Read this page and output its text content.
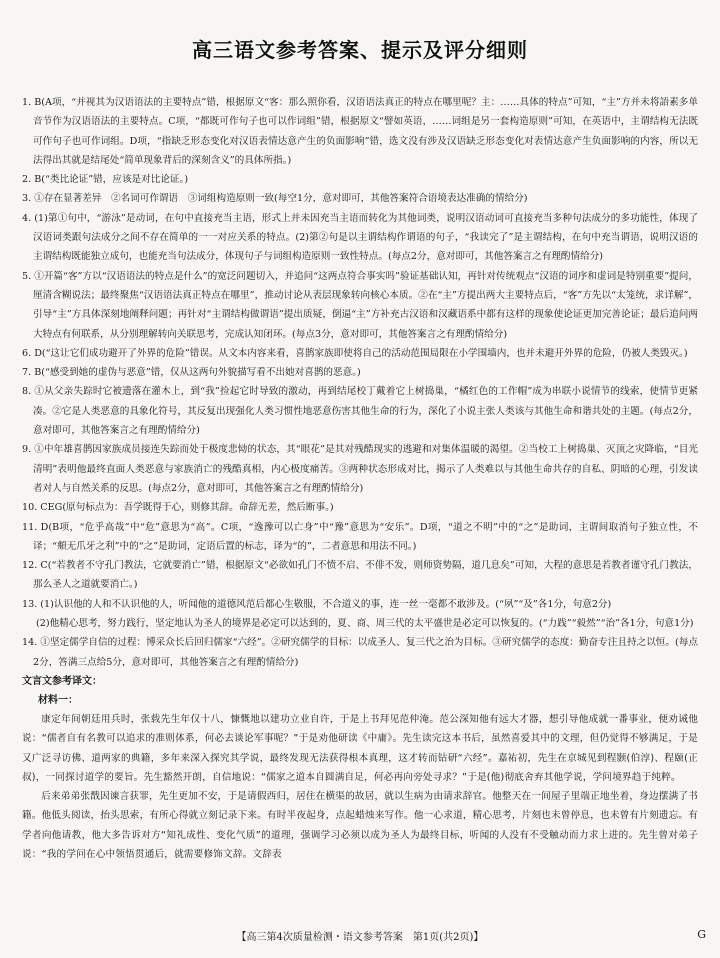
高三语文参考答案、提示及评分细则

1. B(A项，“并视其为汉语语法的主要特点”错，根据原文“客：那么照你看，汉语语法真正的特点在哪里呢？主：……具体的特点”可知，“主”方并未将語素多单音节作为汉语语法的主要特点。C项，“都既可作句子也可以作词组”错，根据原文“譬如英语，……词组是另一套构造原则”可知，在英语中，主谓结构无法既可作句子也可作词组。D项，“指缺乏形态变化对汉语表情达意产生的负面影响”错，选文没有涉及汉语缺乏形态变化对表情达意产生负面影响的内容，所以无法得出其就是结尾处“简单现象背后的深刻含义”的具体所指。)

2. B(“类比论证”错，应该是对比论证。)

3. ①存在显著差异　②名词可作谓语　③词组构造原则一致(每空1分，意对即可，其他答案符合语境表达准确的情给分)

4. (1)第①句中，“游泳”是动词，在句中直接充当主语，形式上并未因充当主语而转化为其他词类，说明汉语动词可直接充当多种句法成分的多功能性，体现了汉语词类跟句法成分之间不存在简单的一一对应关系的特点。(2)第②句是以主谓结构作谓语的句子，“我读完了”是主谓结构，在句中充当谓语，说明汉语的主谓结构既能独立成句，也能充当句法成分，体现句子与词组构造原则一致性特点。(每点2分，意对即可，其他答案言之有理酌情给分)

5. ①开篇“客”方以“汉语语法的特点是什么”的宽泛问题切入，并追问“这两点符合事实吗”验证基础认知，再针对传统观点“汉语的词序和虚词是特别重要”提问，厘清含糊说法；最终聚焦“汉语语法真正特点在哪里”，推动讨论从表层现象转向核心本质。②在“主”方提出两大主要特点后，“客”方先以“太笼统，求详解”，引导“主”方具体深刻地阐释问题；再针对“主谓结构做谓语”提出质疑，倒逼“主”方补充古汉语和汉藏语系中都有这样的现象使论证更加完善论证；最后追问两大特点有何联系，从分别理解转向关联思考，完成认知闭环。(每点3分，意对即可，其他答案言之有理酌情给分)

6. D(“这让它们成功避开了外界的危险”错误。从文本内容来看，喜鹊家族即使将自己的活动范围局限在小学围墙内，也并未避开外界的危险，仍被人类毁灭。)

7. B(“感受到她的虚伪与恶意”错，仅从这两句外貌描写看不出她对喜鹊的恶意。)

8. ①从父亲失踪时它被遗落在灌木上，到“我”捡起它时导致的激动，再到结尾校丁戴着它上树捣巢，“橘红色的工作帽”成为串联小说情节的线索，使情节更紧凑。②它是人类恶意的具象化符号，其反复出现强化人类习惯性地恶意伤害其他生命的行为，深化了小说主张人类该与其他生命和谐共处的主题。(每点2分，意对即可，其他答案言之有理酌情给分)

9. ①中年雄喜鹊因家族成员接连失踪而处于极度悲恸的状态，其“眼花”是其对残酷现实的逃避和对集体温暖的渴望。②当校工上树捣巢、灭顶之灾降临，“目光清明”表明他最终直面人类恶意与家族消亡的残酷真相，内心极度痛苦。③两种状态形成对比，揭示了人类难以与其他生命共存的自私、阴暗的心理，引发读者对人与自然关系的反思。(每点2分，意对即可，其他答案言之有理酌情给分)

10. CEG(原句标点为：吾学既得于心，则修其辞。命辞无差，然后断事。)

11. D(B项，“危乎高哉”中“危”意思为“高”。C项，“逸豫可以亡身”中“豫”意思为“安乐”。D项，“道之不明”中的“之”是助词，主谓间取消句子独立性，不译；“頫无爪牙之利”中的“之”是助词，定语后置的标志，译为“的”，二者意思和用法不同。)

12. C(“若教者不守孔门教法，它就要消亡”错，根据原文“必欲如孔门不愤不启、不俳不发，则师资势隔，道几息矣”可知，大程的意思是若教者谨守孔门教法，那么圣人之道就要消亡。)

13. (1)认识他的人和不认识他的人，听闻他的道德风范后都心生敬服，不合道义的事，连一丝一毫都不敢涉及。(“夙”“及”各1分，句意2分)

(2)他精心思考，努力践行，坚定地认为圣人的境界是必定可以达到的，夏、商、周三代的太平盛世是必定可以恢复的。(“力践”“毅然”“治”各1分，句意1分)

14. ①坚定儒学自信的过程：博采众长后回归儒家“六经”。②研究儒学的目标：以成圣人、复三代之治为目标。③研究儒学的态度：勤奋专注且持之以恒。(每点2分，答满三点给5分，意对即可，其他答案言之有理酌情给分)

文言文参考译文：

材料一：

康定年间朝廷用兵时，张载先生年仅十八，慷慨地以建功立业自许，于是上书拜见范仲淹。范公深知他有远大才器，想引导他成就一番事业，便劝诫他说：“儒者自有名教可以追求的准则体系，何必去谈论军事呢？”于是劝他研读《中庸》。先生读完这本书后，虽然喜爱其中的文理，但仍觉得不够满足，于是又广泛寻访佛、道两家的典籍，多年来深入探究其学说，最终发现无法获得根本真理，这才转而钻研“六经”。嘉祐初，先生在京城见到程颢(伯淳)、程颐(正叔)，一同探讨道学的要旨。先生豁然开朗，自信地说：“儒家之道本自圆满自足，何必再向旁处寻求？”于是(他)彻底舍弃其他学说，学问境界趋于纯粹。

后来弟弟张戬因谏言获罪，先生更加不安，于是请假西归，居住在横渠的故居，就以生病为由请求辞官。他整天在一间屋子里端正地坐着，身边摆满了书籍。他低头阅读，抬头思索，有所心得就立刻记录下来。有时半夜起身，点起蜡烛来写作。他一心求道，精心思考，片刻也未曾停息，也未曾有片刻遗忘。有学者向他请教，他大多告诉对方“知礼成性、变化气质”的道理，强调学习必须以成为圣人为最终目标，听闻的人没有不受触动而力求上进的。先生曾对弟子说：“我的学问在心中领悟贯通后，就需要修饰文辞。文辞表

【高三第4次质量检测・语文参考答案　第1页(共2页)】	G
